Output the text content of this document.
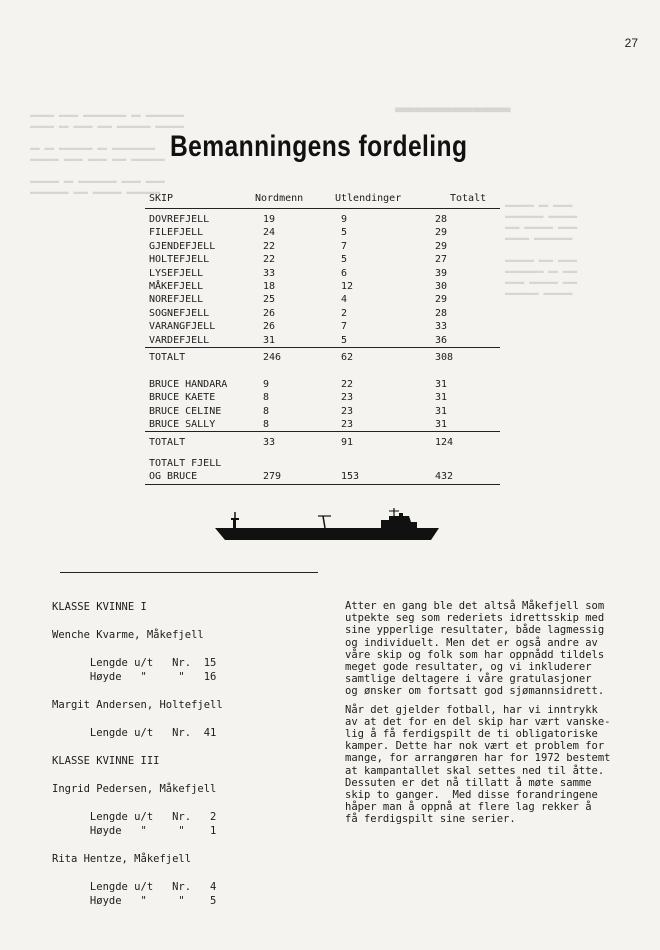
▬▬▬▬▬ ▬▬▬▬ ▬▬▬▬▬▬▬▬▬ ▬▬ ▬▬▬▬▬▬▬▬
▬▬▬▬▬ ▬▬ ▬▬▬▬ ▬▬▬ ▬▬▬▬▬▬▬ ▬▬▬▬▬▬

▬▬ ▬▬ ▬▬▬▬▬▬▬ ▬▬ ▬▬▬▬▬▬▬▬▬
▬▬▬▬▬▬ ▬▬▬▬ ▬▬▬▬ ▬▬▬ ▬▬▬▬▬▬▬

▬▬▬▬▬▬ ▬▬ ▬▬▬▬▬▬▬▬ ▬▬▬▬ ▬▬▬▬
▬▬▬▬▬▬▬▬ ▬▬▬ ▬▬▬▬▬▬ ▬▬▬▬▬▬▬
▬▬▬▬▬▬ ▬▬ ▬▬▬▬
▬▬▬▬▬▬▬▬ ▬▬▬▬▬▬
▬▬▬ ▬▬▬▬▬▬ ▬▬▬▬
▬▬▬▬▬ ▬▬▬▬▬▬▬▬

▬▬▬▬▬▬ ▬▬▬ ▬▬▬▬
▬▬▬▬▬▬▬▬ ▬▬ ▬▬▬
▬▬▬▬ ▬▬▬▬▬▬ ▬▬▬
▬▬▬▬▬▬▬ ▬▬▬▬▬▬
▬▬▬▬▬▬▬▬▬▬▬▬
27
Bemanningens fordeling
SKIP	Nordmenn	Utlendinger	Totalt
DOVREFJELL	19	9	28
FILEFJELL	24	5	29
GJENDEFJELL	22	7	29
HOLTEFJELL	22	5	27
LYSEFJELL	33	6	39
MÅKEFJELL	18	12	30
NOREFJELL	25	4	29
SOGNEFJELL	26	2	28
VARANGFJELL	26	7	33
VARDEFJELL	31	5	36
TOTALT	246	62	308
BRUCE HANDARA	9	22	31
BRUCE KAETE	8	23	31
BRUCE CELINE	8	23	31
BRUCE SALLY	8	23	31
TOTALT	33	91	124
TOTALT FJELL
OG BRUCE	279	153	432
KLASSE KVINNE I
Wenche Kvarme, Måkefjell
Lengde u/t   Nr.  15
Høyde   "     "   16
Margit Andersen, Holtefjell
Lengde u/t   Nr.  41
KLASSE KVINNE III
Ingrid Pedersen, Måkefjell
Lengde u/t   Nr.   2
Høyde   "     "    1
Rita Hentze, Måkefjell
Lengde u/t   Nr.   4
Høyde   "     "    5

Atter en gang ble det altså Måkefjell som
utpekte seg som rederiets idrettsskip med
sine ypperlige resultater, både lagmessig
og individuelt. Men det er også andre av
våre skip og folk som har oppnådd tildels
meget gode resultater, og vi inkluderer
samtlige deltagere i våre gratulasjoner
og ønsker om fortsatt god sjømannsidrett.

Når det gjelder fotball, har vi inntrykk
av at det for en del skip har vært vanske-
lig å få ferdigspilt de ti obligatoriske
kamper. Dette har nok vært et problem for
mange, for arrangøren har for 1972 bestemt
at kampantallet skal settes ned til åtte.
Dessuten er det nå tillatt å møte samme
skip to ganger.  Med disse forandringene
håper man å oppnå at flere lag rekker å
få ferdigspilt sine serier.
